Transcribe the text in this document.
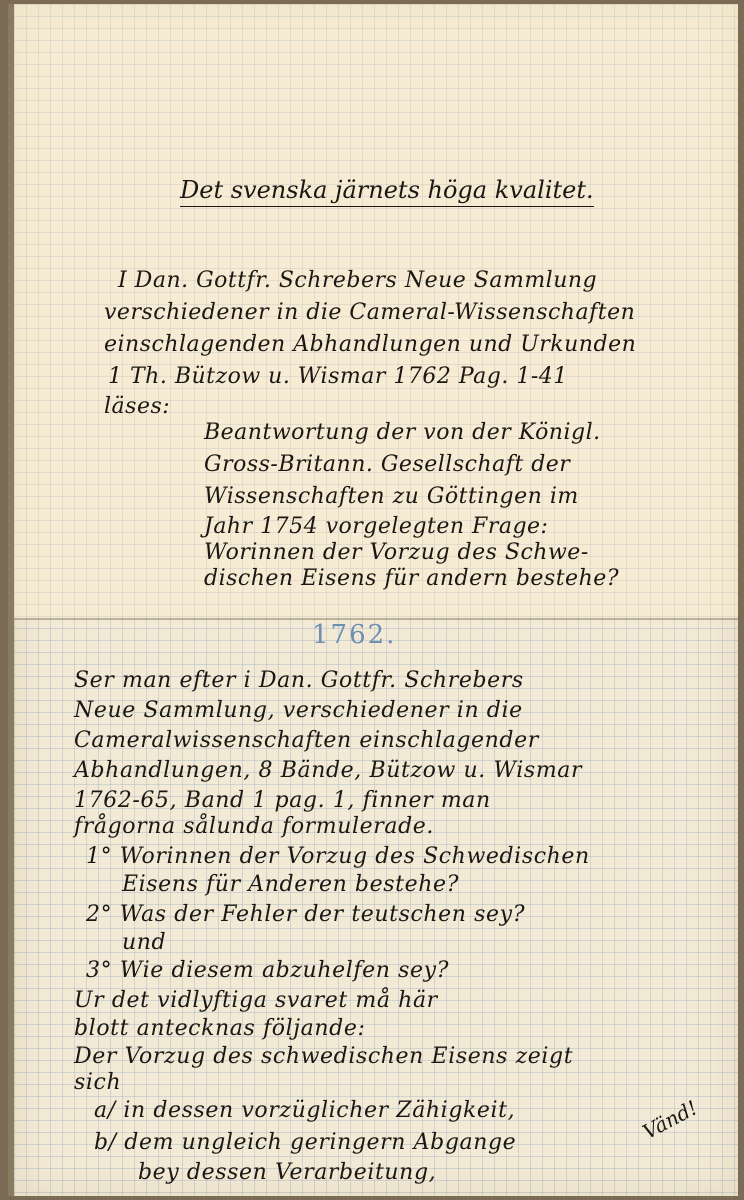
Det svenska järnets höga kvalitet.
I Dan. Gottfr. Schrebers Neue Sammlung
verschiedener in die Cameral-Wissenschaften
einschlagenden Abhandlungen und Urkunden
1 Th. Bützow u. Wismar 1762 Pag. 1-41
läses:
Beantwortung der von der Königl.
Gross-Britann. Gesellschaft der
Wissenschaften zu Göttingen im
Jahr 1754 vorgelegten Frage:
Worinnen der Vorzug des Schwe-
dischen Eisens für andern bestehe?
1762.
Ser man efter i Dan. Gottfr. Schrebers
Neue Sammlung, verschiedener in die
Cameralwissenschaften einschlagender
Abhandlungen, 8 Bände, Bützow u. Wismar
1762-65, Band 1 pag. 1, finner man
frågorna sålunda formulerade.
1° Worinnen der Vorzug des Schwedischen
Eisens für Anderen bestehe?
2° Was der Fehler der teutschen sey?
und
3° Wie diesem abzuhelfen sey?
Ur det vidlyftiga svaret må här
blott antecknas följande:
Der Vorzug des schwedischen Eisens zeigt
sich
a/ in dessen vorzüglicher Zähigkeit,
b/ dem ungleich geringern Abgange
bey dessen Verarbeitung,
Vänd!
